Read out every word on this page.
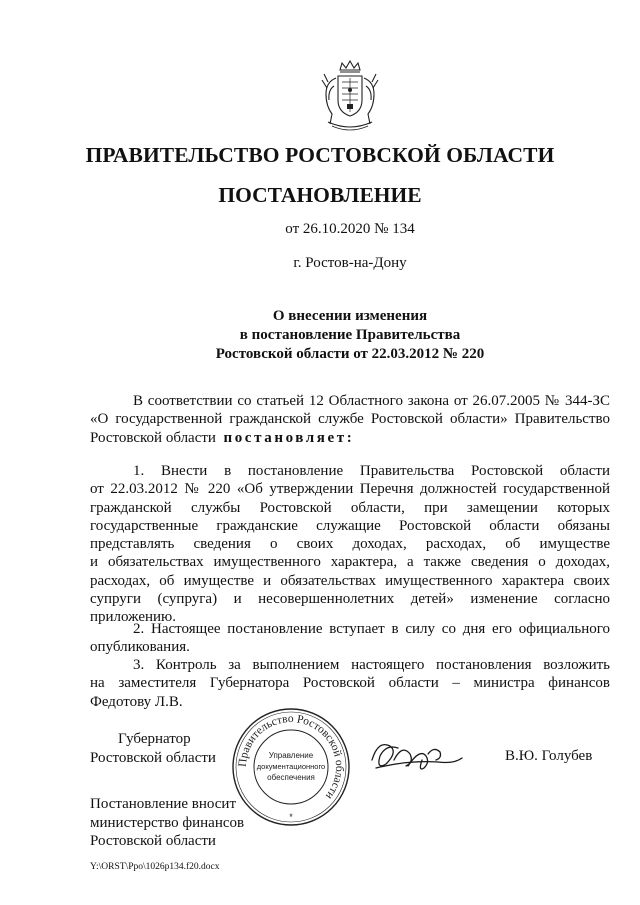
ПРАВИТЕЛЬСТВО РОСТОВСКОЙ ОБЛАСТИ
ПОСТАНОВЛЕНИЕ
от 26.10.2020 № 134
г. Ростов-на-Дону
О внесении изменения
в постановление Правительства
Ростовской области от 22.03.2012 № 220
В соответствии со статьей 12 Областного закона от 26.07.2005 № 344-ЗС
«О государственной гражданской службе Ростовской области» Правительство
Ростовской области постановляет:
1. Внести в постановление Правительства Ростовской области
от 22.03.2012 № 220 «Об утверждении Перечня должностей государственной
гражданской службы Ростовской области, при замещении которых
государственные гражданские служащие Ростовской области обязаны
представлять сведения о своих доходах, расходах, об имуществе
и обязательствах имущественного характера, а также сведения о доходах,
расходах, об имуществе и обязательствах имущественного характера своих
супруги (супруга) и несовершеннолетних детей» изменение согласно
приложению.
2. Настоящее постановление вступает в силу со дня его официального
опубликования.
3. Контроль за выполнением настоящего постановления возложить
на заместителя Губернатора Ростовской области – министра финансов
Федотову Л.В.
Губернатор
Ростовской области Правительство Ростовской области
Управление
документационного
обеспечения
*
В.Ю. Голубев
Постановление вносит
министерство финансов
Ростовской области
Y:\ORST\Ppo\1026p134.f20.docx
